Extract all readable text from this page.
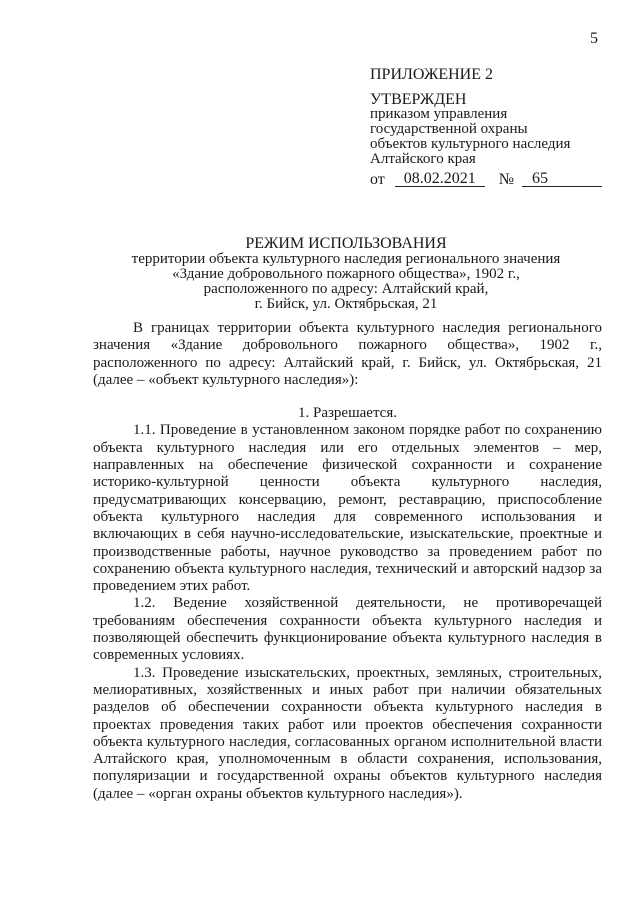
5
ПРИЛОЖЕНИЕ 2
УТВЕРЖДЕН
приказом управления
государственной охраны
объектов культурного наследия
Алтайского края
от	08.02.2021	№	65
РЕЖИМ ИСПОЛЬЗОВАНИЯ
территории объекта культурного наследия регионального значения
«Здание добровольного пожарного общества», 1902 г.,
расположенного по адресу: Алтайский край,
г. Бийск, ул. Октябрьская, 21

В границах территории объекта культурного наследия регионального значения «Здание добровольного пожарного общества», 1902 г., расположенного по адресу: Алтайский край, г. Бийск, ул. Октябрьская, 21 (далее – «объект культурного наследия»):

1. Разрешается.

1.1. Проведение в установленном законом порядке работ по сохранению объекта культурного наследия или его отдельных элементов – мер, направленных на обеспечение физической сохранности и сохранение историко-культурной ценности объекта культурного наследия, предусматривающих консервацию, ремонт, реставрацию, приспособление объекта культурного наследия для современного использования и включающих в себя научно-исследовательские, изыскательские, проектные и производственные работы, научное руководство за проведением работ по сохранению объекта культурного наследия, технический и авторский надзор за проведением этих работ.

1.2. Ведение хозяйственной деятельности, не противоречащей требованиям обеспечения сохранности объекта культурного наследия и позволяющей обеспечить функционирование объекта культурного наследия в современных условиях.

1.3. Проведение изыскательских, проектных, земляных, строительных, мелиоративных, хозяйственных и иных работ при наличии обязательных разделов об обеспечении сохранности объекта культурного наследия в проектах проведения таких работ или проектов обеспечения сохранности объекта культурного наследия, согласованных органом исполнительной власти Алтайского края, уполномоченным в области сохранения, использования, популяризации и государственной охраны объектов культурного наследия (далее – «орган охраны объектов культурного наследия»).
